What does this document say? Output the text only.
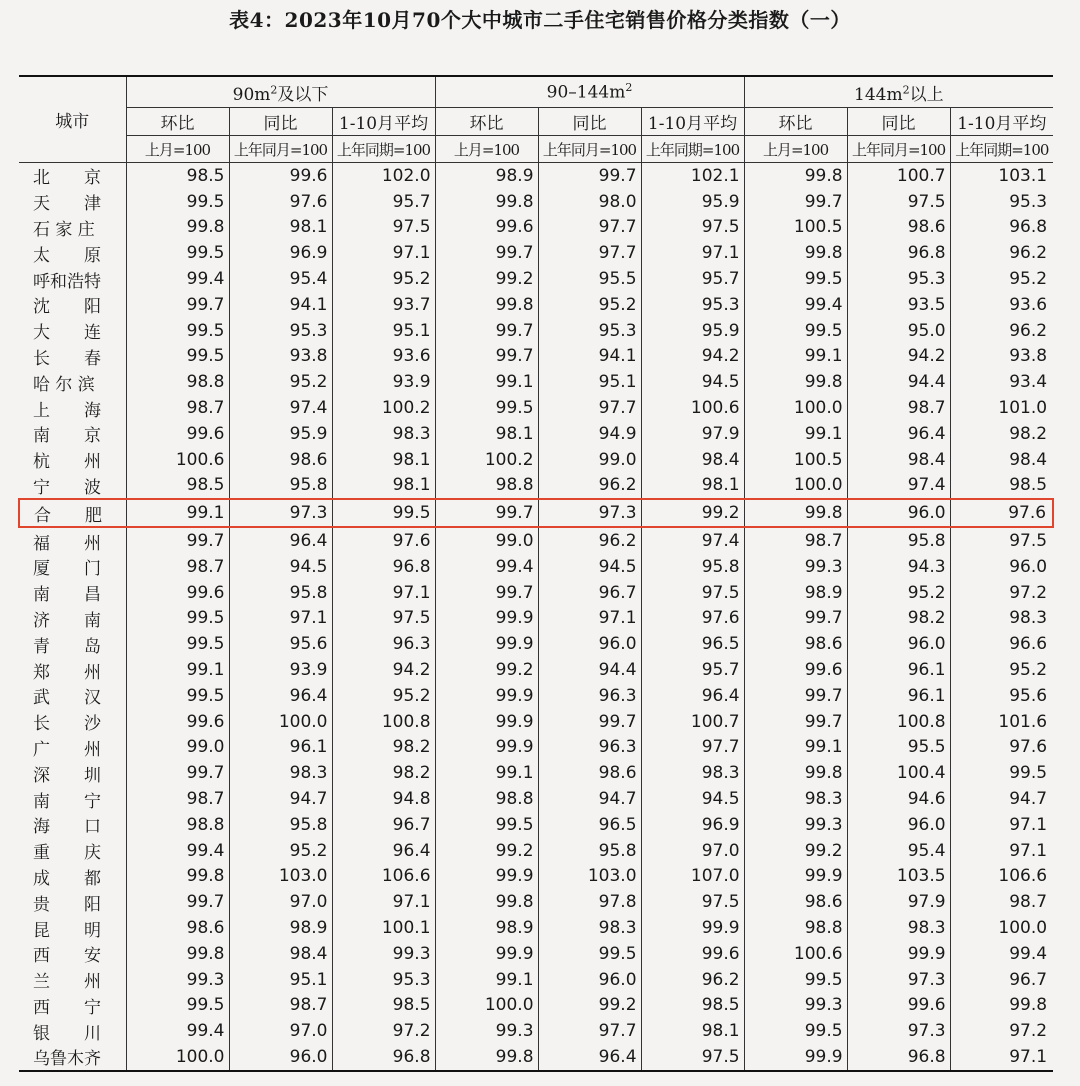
表4：2023年10月70个大中城市二手住宅销售价格分类指数（一）
城市	$90m^2$及以下			$90-144m^2$			$144m^2$以上		
	环比	同比	1-10月平均	环比	同比	1-10月平均	环比	同比	1-10月平均
	上月=100	上年同月=100	上年同期=100	上月=100	上年同月=100	上年同期=100	上月=100	上年同月=100	上年同期=100
北　　京	98.5	99.6	102.0	98.9	99.7	102.1	99.8	100.7	103.1
天　　津	99.5	97.6	95.7	99.8	98.0	95.9	99.7	97.5	95.3
石 家 庄	99.8	98.1	97.5	99.6	97.7	97.5	100.5	98.6	96.8
太　　原	99.5	96.9	97.1	99.7	97.7	97.1	99.8	96.8	96.2
呼和浩特	99.4	95.4	95.2	99.2	95.5	95.7	99.5	95.3	95.2
沈　　阳	99.7	94.1	93.7	99.8	95.2	95.3	99.4	93.5	93.6
大　　连	99.5	95.3	95.1	99.7	95.3	95.9	99.5	95.0	96.2
长　　春	99.5	93.8	93.6	99.7	94.1	94.2	99.1	94.2	93.8
哈 尔 滨	98.8	95.2	93.9	99.1	95.1	94.5	99.8	94.4	93.4
上　　海	98.7	97.4	100.2	99.5	97.7	100.6	100.0	98.7	101.0
南　　京	99.6	95.9	98.3	98.1	94.9	97.9	99.1	96.4	98.2
杭　　州	100.6	98.6	98.1	100.2	99.0	98.4	100.5	98.4	98.4
宁　　波	98.5	95.8	98.1	98.8	96.2	98.1	100.0	97.4	98.5
合　　肥	99.1	97.3	99.5	99.7	97.3	99.2	99.8	96.0	97.6
福　　州	99.7	96.4	97.6	99.0	96.2	97.4	98.7	95.8	97.5
厦　　门	98.7	94.5	96.8	99.4	94.5	95.8	99.3	94.3	96.0
南　　昌	99.6	95.8	97.1	99.7	96.7	97.5	98.9	95.2	97.2
济　　南	99.5	97.1	97.5	99.9	97.1	97.6	99.7	98.2	98.3
青　　岛	99.5	95.6	96.3	99.9	96.0	96.5	98.6	96.0	96.6
郑　　州	99.1	93.9	94.2	99.2	94.4	95.7	99.6	96.1	95.2
武　　汉	99.5	96.4	95.2	99.9	96.3	96.4	99.7	96.1	95.6
长　　沙	99.6	100.0	100.8	99.9	99.7	100.7	99.7	100.8	101.6
广　　州	99.0	96.1	98.2	99.9	96.3	97.7	99.1	95.5	97.6
深　　圳	99.7	98.3	98.2	99.1	98.6	98.3	99.8	100.4	99.5
南　　宁	98.7	94.7	94.8	98.8	94.7	94.5	98.3	94.6	94.7
海　　口	98.8	95.8	96.7	99.5	96.5	96.9	99.3	96.0	97.1
重　　庆	99.4	95.2	96.4	99.2	95.8	97.0	99.2	95.4	97.1
成　　都	99.8	103.0	106.6	99.9	103.0	107.0	99.9	103.5	106.6
贵　　阳	99.7	97.0	97.1	99.8	97.8	97.5	98.6	97.9	98.7
昆　　明	98.6	98.9	100.1	98.9	98.3	99.9	98.8	98.3	100.0
西　　安	99.8	98.4	99.3	99.9	99.5	99.6	100.6	99.9	99.4
兰　　州	99.3	95.1	95.3	99.1	96.0	96.2	99.5	97.3	96.7
西　　宁	99.5	98.7	98.5	100.0	99.2	98.5	99.3	99.6	99.8
银　　川	99.4	97.0	97.2	99.3	97.7	98.1	99.5	97.3	97.2
乌鲁木齐	100.0	96.0	96.8	99.8	96.4	97.5	99.9	96.8	97.1
